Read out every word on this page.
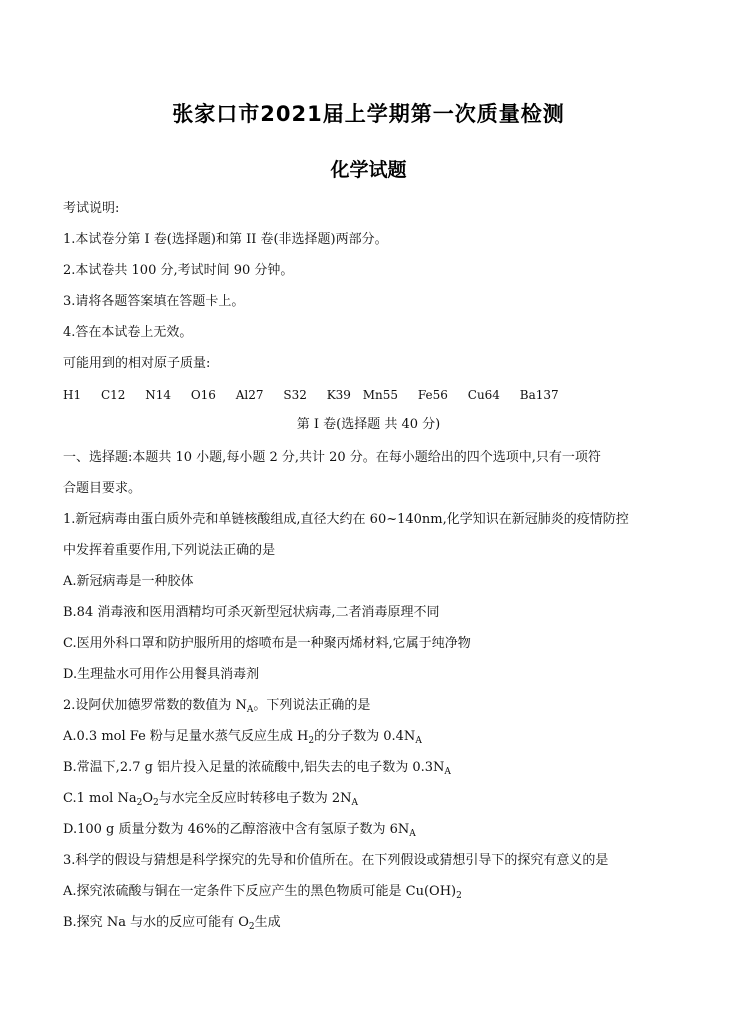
张家口市2021届上学期第一次质量检测
化学试题
考试说明:
1.本试卷分第 I 卷(选择题)和第 II 卷(非选择题)两部分。
2.本试卷共 100 分,考试时间 90 分钟。
3.请将各题答案填在答题卡上。
4.答在本试卷上无效。
可能用到的相对原子质量:
H1 C12 N14 O16 Al27 S32 K39 Mn55 Fe56 Cu64 Ba137
第 I 卷(选择题 共 40 分)
一、选择题:本题共 10 小题,每小题 2 分,共计 20 分。在每小题给出的四个选项中,只有一项符
合题目要求。
1.新冠病毒由蛋白质外壳和单链核酸组成,直径大约在 60~140nm,化学知识在新冠肺炎的疫情防控
中发挥着重要作用,下列说法正确的是
A.新冠病毒是一种胶体
B.84 消毒液和医用酒精均可杀灭新型冠状病毒,二者消毒原理不同
C.医用外科口罩和防护服所用的熔喷布是一种聚丙烯材料,它属于纯净物
D.生理盐水可用作公用餐具消毒剂
2.设阿伏加德罗常数的数值为 $N_A$。下列说法正确的是
A.0.3 mol Fe 粉与足量水蒸气反应生成 $H_2$的分子数为 $0.4N_A$
B.常温下,2.7 g 铝片投入足量的浓硫酸中,铝失去的电子数为 $0.3N_A$
C.1 mol $Na_2O_2$与水完全反应时转移电子数为 $2N_A$
D.100 g 质量分数为 46%的乙醇溶液中含有氢原子数为 $6N_A$
3.科学的假设与猜想是科学探究的先导和价值所在。在下列假设或猜想引导下的探究有意义的是
A.探究浓硫酸与铜在一定条件下反应产生的黑色物质可能是 $Cu(OH)_2$
B.探究 Na 与水的反应可能有 $O_2$生成
